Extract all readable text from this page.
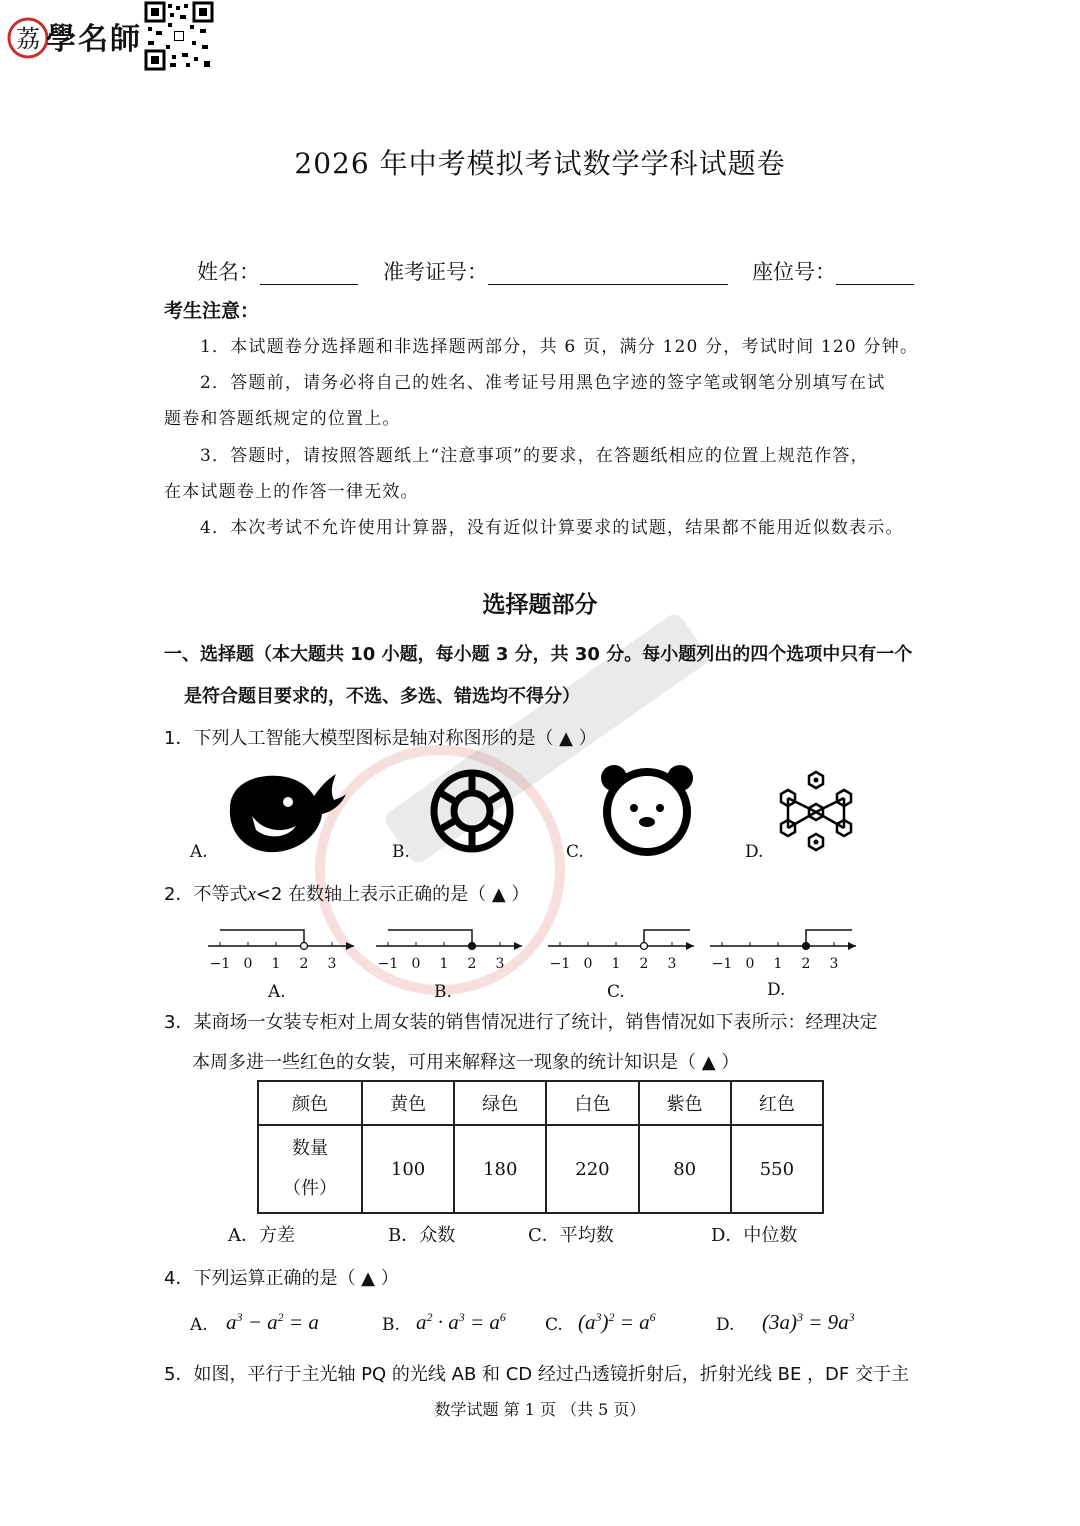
荔 學名師
2026 年中考模拟考试数学学科试题卷
姓名：	准考证号：	座位号：
考生注意：
1．本试题卷分选择题和非选择题两部分，共 6 页，满分 120 分，考试时间 120 分钟。
2．答题前，请务必将自己的姓名、准考证号用黑色字迹的签字笔或钢笔分别填写在试
题卷和答题纸规定的位置上。
3．答题时，请按照答题纸上“注意事项”的要求，在答题纸相应的位置上规范作答，
在本试题卷上的作答一律无效。
4．本次考试不允许使用计算器，没有近似计算要求的试题，结果都不能用近似数表示。
选择题部分
一、选择题（本大题共 10 小题，每小题 3 分，共 30 分。每小题列出的四个选项中只有一个
是符合题目要求的，不选、多选、错选均不得分）
1．下列人工智能大模型图标是轴对称图形的是（ ▲ ）
A.	B.	C.	D.
2．不等式x<2 在数轴上表示正确的是（ ▲ ）
−1 0 1 2 3	−1 0 1 2 3	−1 0 1 2 3	−1 0 1 2 3
A.	B.	C.	D.
3．某商场一女装专柜对上周女装的销售情况进行了统计，销售情况如下表所示：经理决定
本周多进一些红色的女装，可用来解释这一现象的统计知识是（ ▲ ）
颜色	黄色	绿色	白色	紫色	红色

数量
（件）	100	180	220	80	550
A．方差	B．众数	C．平均数	D．中位数
4．下列运算正确的是（ ▲ ）
A. $a^3 - a^2 = a$	B. $a^2 \cdot a^3 = a^6$ C. $(a^3)^2 = a^6$	D. $(3a)^3 = 9a^3$
5．如图，平行于主光轴 PQ 的光线 AB 和 CD 经过凸透镜折射后，折射光线 BE ，DF 交于主
数学试题 第 1 页 （共 5 页）
